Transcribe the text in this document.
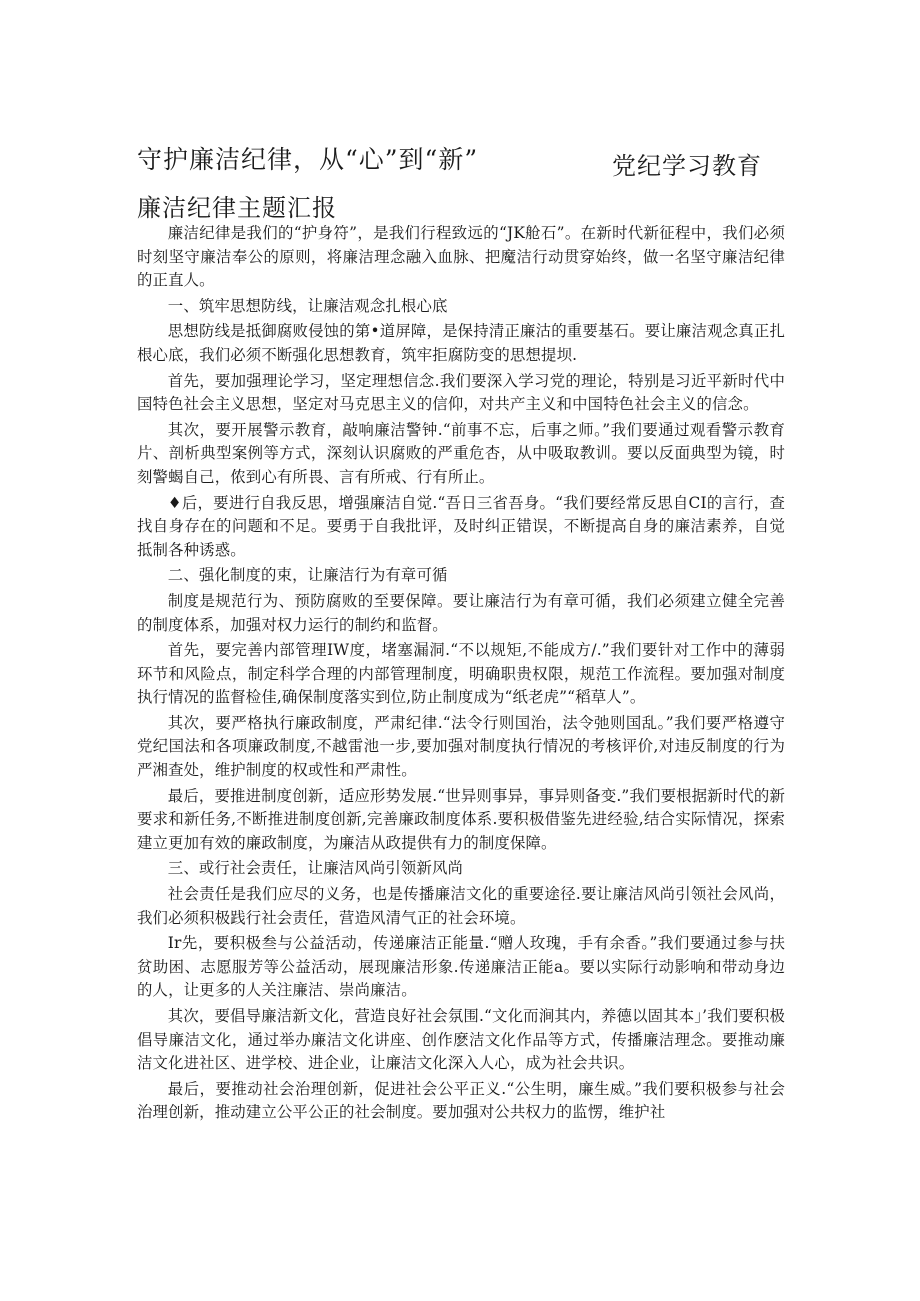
守护廉洁纪律，从“心”到“新”	党纪学习教育
廉洁纪律主题汇报

廉洁纪律是我们的“护身符”，是我们行程致远的“JK舱石”。在新时代新征程中，我们必须时刻坚守廉洁奉公的原则，将廉洁理念融入血脉、把魔洁行动贯穿始终，做一名坚守廉洁纪律的正直人。

一、筑牢思想防线，让廉洁观念扎根心底

思想防线是抵御腐败侵蚀的第•道屏障，是保持清正廉沽的重要基石。要让廉洁观念真正扎根心底，我们必须不断强化思想教育，筑牢拒腐防变的思想提坝.

首先，要加强理论学习，坚定理想信念.我们要深入学习党的理论，特别是习近平新时代中国特色社会主义思想，坚定对马克思主义的信仰，对共产主义和中国特色社会主义的信念。

其次，要开展警示教育，敲响廉洁警钟.“前事不忘，后事之师。”我们要通过观看警示教育片、剖析典型案例等方式，深刻认识腐败的严重危杏，从中吸取教训。要以反面典型为镜，时刻警蝎自己，侬到心有所畏、言有所戒、行有所止。

♦后，要进行自我反思，增强廉洁自觉.“吾日三省吾身。“我们要经常反思自CI的言行，查找自身存在的问题和不足。要勇于自我批评，及时纠正错误，不断提高自身的廉洁素养，自觉抵制各种诱惑。

二、强化制度的束，让廉洁行为有章可循

制度是规范行为、预防腐败的至要保障。要让廉洁行为有章可循，我们必须建立健全完善的制度体系，加强对权力运行的制约和监督。

首先，要完善内部管理IW度，堵塞漏洞.“不以规矩,不能成方/.”我们要针对工作中的薄弱环节和风险点，制定科学合理的内部管理制度，明确职贵权限，规范工作流程。要加强对制度执行情况的监督检佳,确保制度落实到位,防止制度成为“纸老虎”“稻草人”。

其次，要严格执行廉政制度，严肃纪律.“法令行则国治，法令弛则国乱。”我们要严格遵守党纪国法和各项廉政制度,不越雷池一步,要加强对制度执行情况的考核评价,对违反制度的行为严湘查处，维护制度的权或性和严肃性。

最后，要推进制度创新，适应形势发展.“世异则事异，事异则备变.”我们要根据新时代的新要求和新任务,不断推进制度创新,完善廉政制度体系.要积极借鉴先进经验,结合实际情况，探索建立更加有效的廉政制度，为廉洁从政提供有力的制度保障。

三、或行社会责任，让廉洁风尚引领新风尚

社会责任是我们应尽的义务，也是传播廉洁文化的重要途径.要让廉洁风尚引领社会风尚，我们必须积极践行社会责任，营造风清气正的社会环境。

Ir先，要积极叁与公益活动，传递廉洁正能量.“赠人玫瑰，手有余香。”我们要通过参与扶贫助困、志愿服芳等公益活动，展现廉洁形象.传递廉洁正能a。要以实际行动影响和带动身边的人，让更多的人关注廉洁、崇尚廉洁。

其次，要倡导廉洁新文化，营造良好社会氛围.“文化而涧其内，养德以固其本」’我们要积极倡导廉洁文化，通过举办廉洁文化讲座、创作麽洁文化作品等方式，传播廉洁理念。要推动廉洁文化进社区、进学校、进企业，让廉洁文化深入人心，成为社会共识。

最后，要推动社会治理创新，促进社会公平正义.“公生明，廉生威。”我们要积极参与社会治理创新，推动建立公平公正的社会制度。要加强对公共权力的监愣，维护社
